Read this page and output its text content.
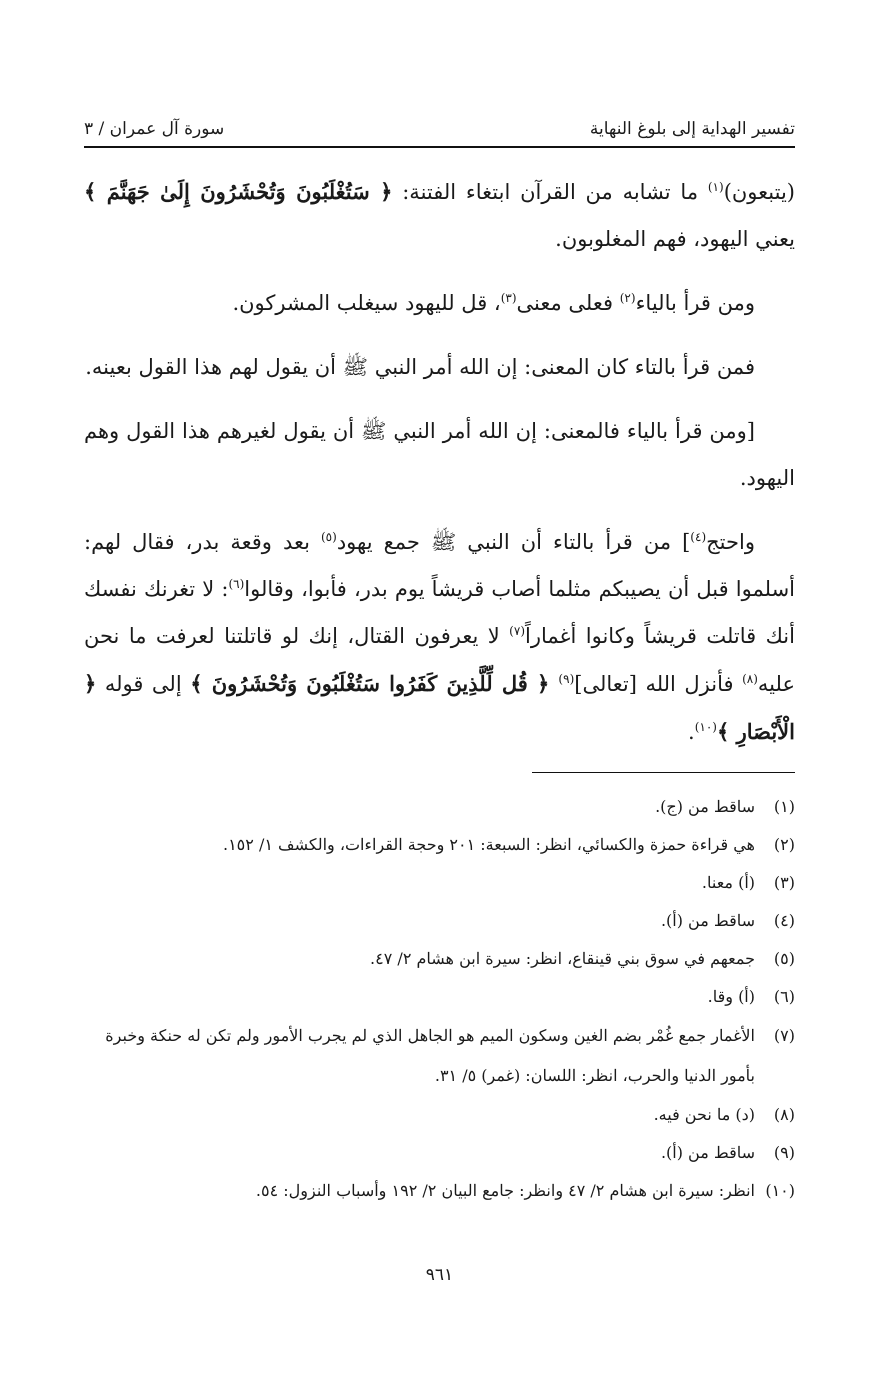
تفسير الهداية إلى بلوغ النهاية
سورة آل عمران / ٣

(يتبعون)$^{(١)}$ ما تشابه من القرآن ابتغاء الفتنة: ﴿ سَتُغْلَبُونَ وَتُحْشَرُونَ إِلَىٰ جَهَنَّمَ ﴾ يعني اليهود، فهم المغلوبون.

ومن قرأ بالياء$^{(٢)}$ فعلى معنى$^{(٣)}$، قل لليهود سيغلب المشركون.

فمن قرأ بالتاء كان المعنى: إن الله أمر النبي ﷺ أن يقول لهم هذا القول بعينه.

[ومن قرأ بالياء فالمعنى: إن الله أمر النبي ﷺ أن يقول لغيرهم هذا القول وهم اليهود.

واحتج$^{(٤)}$] من قرأ بالتاء أن النبي ﷺ جمع يهود$^{(٥)}$ بعد وقعة بدر، فقال لهم: أسلموا قبل أن يصيبكم مثلما أصاب قريشاً يوم بدر، فأبوا، وقالوا$^{(٦)}$: لا تغرنك نفسك أنك قاتلت قريشاً وكانوا أغماراً$^{(٧)}$ لا يعرفون القتال، إنك لو قاتلتنا لعرفت ما نحن عليه$^{(٨)}$ فأنزل الله [تعالى]$^{(٩)}$ ﴿ قُل لِّلَّذِينَ كَفَرُوا سَتُغْلَبُونَ وَتُحْشَرُونَ ﴾ إلى قوله ﴿ الْأَبْصَارِ ﴾$^{(١٠)}$.

(١)
ساقط من (ج).
(٢)
هي قراءة حمزة والكسائي، انظر: السبعة: ٢٠١ وحجة القراءات، والكشف ١/ ١٥٢.
(٣)
(أ) معنا.
(٤)
ساقط من (أ).
(٥)
جمعهم في سوق بني قينقاع، انظر: سيرة ابن هشام ٢/ ٤٧.
(٦)
(أ) وقا.
(٧)
الأغمار جمع غُمْر بضم الغين وسكون الميم هو الجاهل الذي لم يجرب الأمور ولم تكن له حنكة وخبرة بأمور الدنيا والحرب، انظر: اللسان: (غمر) ٥/ ٣١.
(٨)
(د) ما نحن فيه.
(٩)
ساقط من (أ).
(١٠)
انظر: سيرة ابن هشام ٢/ ٤٧ وانظر: جامع البيان ٢/ ١٩٢ وأسباب النزول: ٥٤.
٩٦١
